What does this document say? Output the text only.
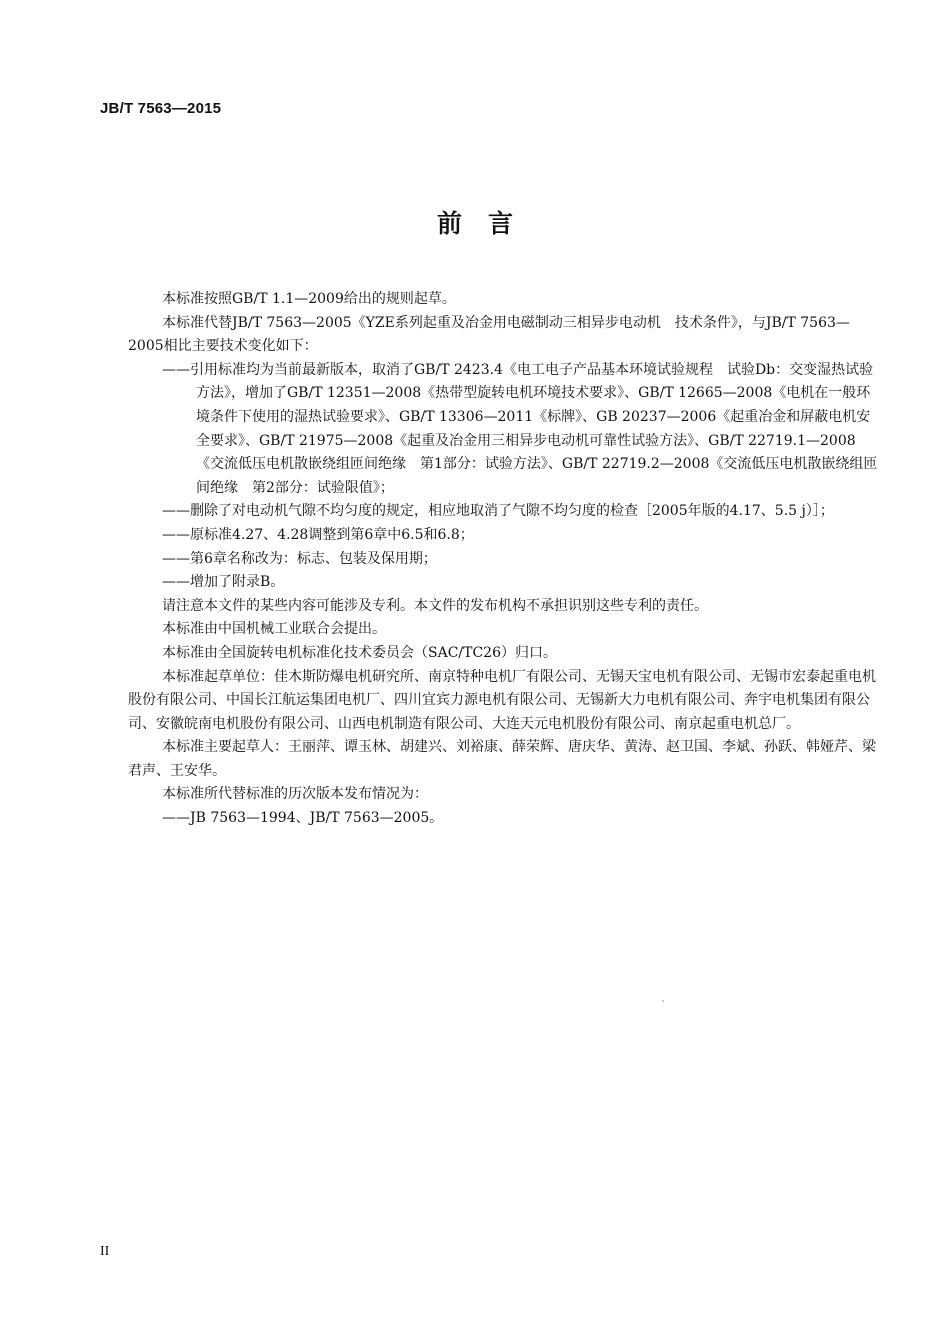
JB/T 7563—2015
前言

本标准按照GB/T 1.1—2009给出的规则起草。

本标准代替JB/T 7563—2005《YZE系列起重及冶金用电磁制动三相异步电动机　技术条件》，与JB/T 7563—2005相比主要技术变化如下：

——引用标准均为当前最新版本，取消了GB/T 2423.4《电工电子产品基本环境试验规程　试验Db：交变湿热试验方法》，增加了GB/T 12351—2008《热带型旋转电机环境技术要求》、GB/T 12665—2008《电机在一般环境条件下使用的湿热试验要求》、GB/T 13306—2011《标牌》、GB 20237—2006《起重冶金和屏蔽电机安全要求》、GB/T 21975—2008《起重及冶金用三相异步电动机可靠性试验方法》、GB/T 22719.1—2008《交流低压电机散嵌绕组匝间绝缘　第1部分：试验方法》、GB/T 22719.2—2008《交流低压电机散嵌绕组匝间绝缘　第2部分：试验限值》；

——删除了对电动机气隙不均匀度的规定，相应地取消了气隙不均匀度的检查［2005年版的4.17、5.5 j）］；

——原标准4.27、4.28调整到第6章中6.5和6.8；

——第6章名称改为：标志、包装及保用期；

——增加了附录B。

请注意本文件的某些内容可能涉及专利。本文件的发布机构不承担识别这些专利的责任。

本标准由中国机械工业联合会提出。

本标准由全国旋转电机标准化技术委员会（SAC/TC26）归口。

本标准起草单位：佳木斯防爆电机研究所、南京特种电机厂有限公司、无锡天宝电机有限公司、无锡市宏泰起重电机股份有限公司、中国长江航运集团电机厂、四川宜宾力源电机有限公司、无锡新大力电机有限公司、奔宇电机集团有限公司、安徽皖南电机股份有限公司、山西电机制造有限公司、大连天元电机股份有限公司、南京起重电机总厂。

本标准主要起草人：王丽萍、谭玉林、胡建兴、刘裕康、薛荣辉、唐庆华、黄涛、赵卫国、李斌、孙跃、韩娅芹、梁君声、王安华。

本标准所代替标准的历次版本发布情况为：

——JB 7563—1994、JB/T 7563—2005。

II
